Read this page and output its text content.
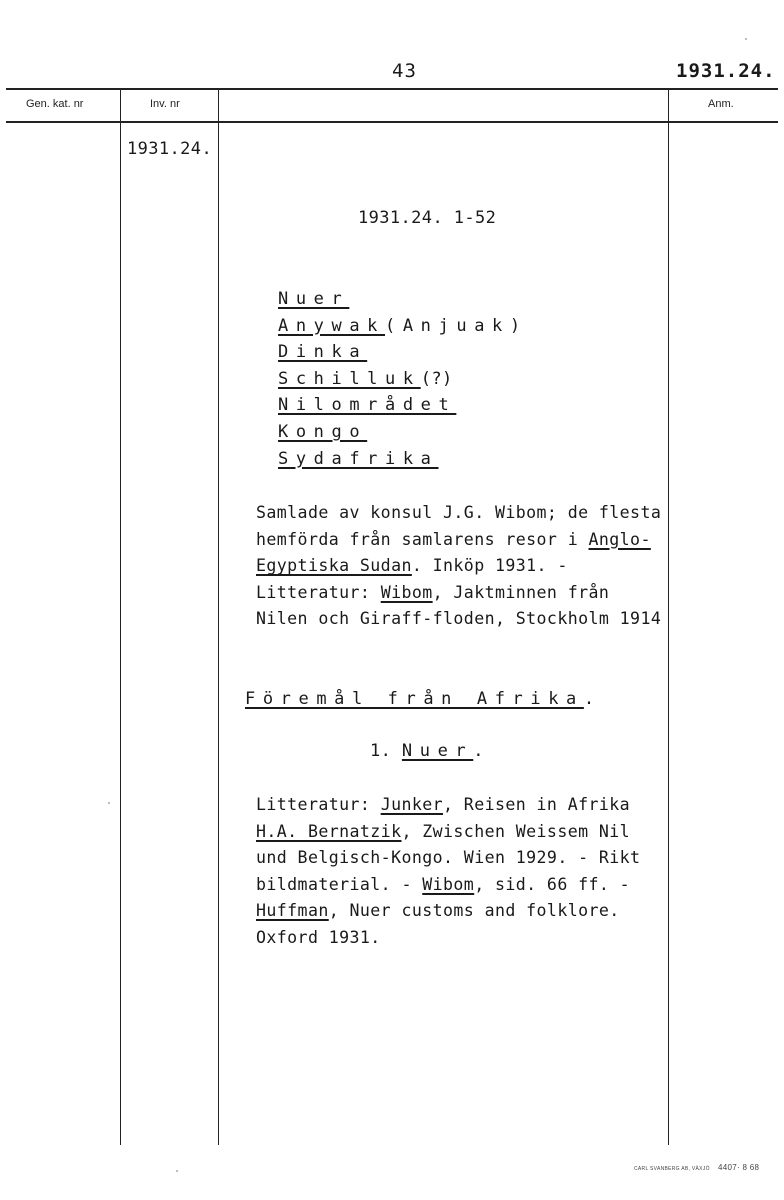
43	1931.24.
Gen. kat. nr	Inv. nr	Anm.
1931.24.
1931.24. 1-52
Nuer
Anywak(Anjuak)
Dinka
Schilluk(?)
Nilområdet
Kongo
Sydafrika
Samlade av konsul J.G. Wibom; de flesta
hemförda från samlarens resor i Anglo-
Egyptiska Sudan. Inköp 1931. -
Litteratur: Wibom, Jaktminnen från
Nilen och Giraff-floden, Stockholm 1914
Föremål från Afrika.
1. Nuer.
Litteratur: Junker, Reisen in Afrika
H.A. Bernatzik, Zwischen Weissem Nil
und Belgisch-Kongo. Wien 1929. - Rikt
bildmaterial. - Wibom, sid. 66 ff. -
Huffman, Nuer customs and folklore.
Oxford 1931.
CARL SVANBERG AB, VÄXJÖ 4407· 8 68
